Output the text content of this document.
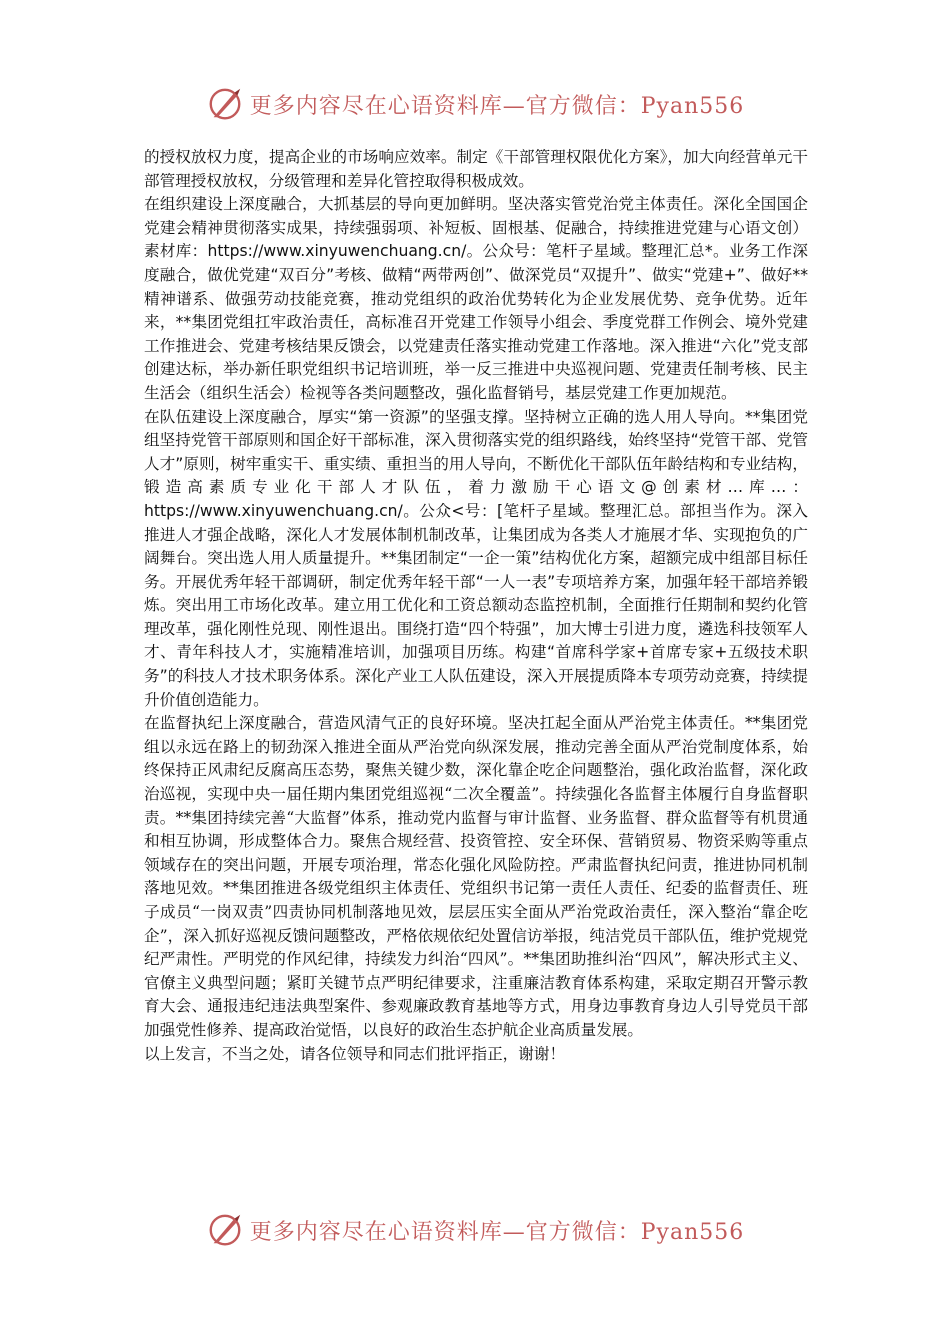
更多内容尽在心语资料库—官方微信：Pyan556

的授权放权力度，提高企业的市场响应效率。制定《干部管理权限优化方案》，加大向经营单元干部管理授权放权，分级管理和差异化管控取得积极成效。

在组织建设上深度融合，大抓基层的导向更加鲜明。坚决落实管党治党主体责任。深化全国国企党建会精神贯彻落实成果，持续强弱项、补短板、固根基、促融合，持续推进党建与心语文创）素材库：https://www.xinyuwenchuang.cn/。公众号：笔杆子星域。整理汇总*。业务工作深度融合，做优党建“双百分”考核、做精“两带两创”、做深党员“双提升”、做实“党建+”、做好**精神谱系、做强劳动技能竞赛，推动党组织的政治优势转化为企业发展优势、竞争优势。近年来，**集团党组扛牢政治责任，高标准召开党建工作领导小组会、季度党群工作例会、境外党建工作推进会、党建考核结果反馈会，以党建责任落实推动党建工作落地。深入推进“六化”党支部创建达标，举办新任职党组织书记培训班，举一反三推进中央巡视问题、党建责任制考核、民主生活会（组织生活会）检视等各类问题整改，强化监督销号，基层党建工作更加规范。

在队伍建设上深度融合，厚实“第一资源”的坚强支撑。坚持树立正确的选人用人导向。**集团党组坚持党管干部原则和国企好干部标准，深入贯彻落实党的组织路线，始终坚持“党管干部、党管人才”原则，树牢重实干、重实绩、重担当的用人导向，不断优化干部队伍年龄结构和专业结构，锻造高素质专业化干部人才队伍，着力激励干心语文@创素材…库…：https://www.xinyuwenchuang.cn/。公众<号：[笔杆子星域。整理汇总。部担当作为。深入推进人才强企战略，深化人才发展体制机制改革，让集团成为各类人才施展才华、实现抱负的广阔舞台。突出选人用人质量提升。**集团制定“一企一策”结构优化方案，超额完成中组部目标任务。开展优秀年轻干部调研，制定优秀年轻干部“一人一表”专项培养方案，加强年轻干部培养锻炼。突出用工市场化改革。建立用工优化和工资总额动态监控机制，全面推行任期制和契约化管理改革，强化刚性兑现、刚性退出。围绕打造“四个特强”，加大博士引进力度，遴选科技领军人才、青年科技人才，实施精准培训，加强项目历练。构建“首席科学家+首席专家+五级技术职务”的科技人才技术职务体系。深化产业工人队伍建设，深入开展提质降本专项劳动竞赛，持续提升价值创造能力。

在监督执纪上深度融合，营造风清气正的良好环境。坚决扛起全面从严治党主体责任。**集团党组以永远在路上的韧劲深入推进全面从严治党向纵深发展，推动完善全面从严治党制度体系，始终保持正风肃纪反腐高压态势，聚焦关键少数，深化靠企吃企问题整治，强化政治监督，深化政治巡视，实现中央一届任期内集团党组巡视“二次全覆盖”。持续强化各监督主体履行自身监督职责。**集团持续完善“大监督”体系，推动党内监督与审计监督、业务监督、群众监督等有机贯通和相互协调，形成整体合力。聚焦合规经营、投资管控、安全环保、营销贸易、物资采购等重点领域存在的突出问题，开展专项治理，常态化强化风险防控。严肃监督执纪问责，推进协同机制落地见效。**集团推进各级党组织主体责任、党组织书记第一责任人责任、纪委的监督责任、班子成员“一岗双责”四责协同机制落地见效，层层压实全面从严治党政治责任，深入整治“靠企吃企”，深入抓好巡视反馈问题整改，严格依规依纪处置信访举报，纯洁党员干部队伍，维护党规党纪严肃性。严明党的作风纪律，持续发力纠治“四风”。**集团助推纠治“四风”，解决形式主义、官僚主义典型问题；紧盯关键节点严明纪律要求，注重廉洁教育体系构建，采取定期召开警示教育大会、通报违纪违法典型案件、参观廉政教育基地等方式，用身边事教育身边人引导党员干部加强党性修养、提高政治觉悟，以良好的政治生态护航企业高质量发展。

以上发言，不当之处，请各位领导和同志们批评指正，谢谢！

更多内容尽在心语资料库—官方微信：Pyan556
